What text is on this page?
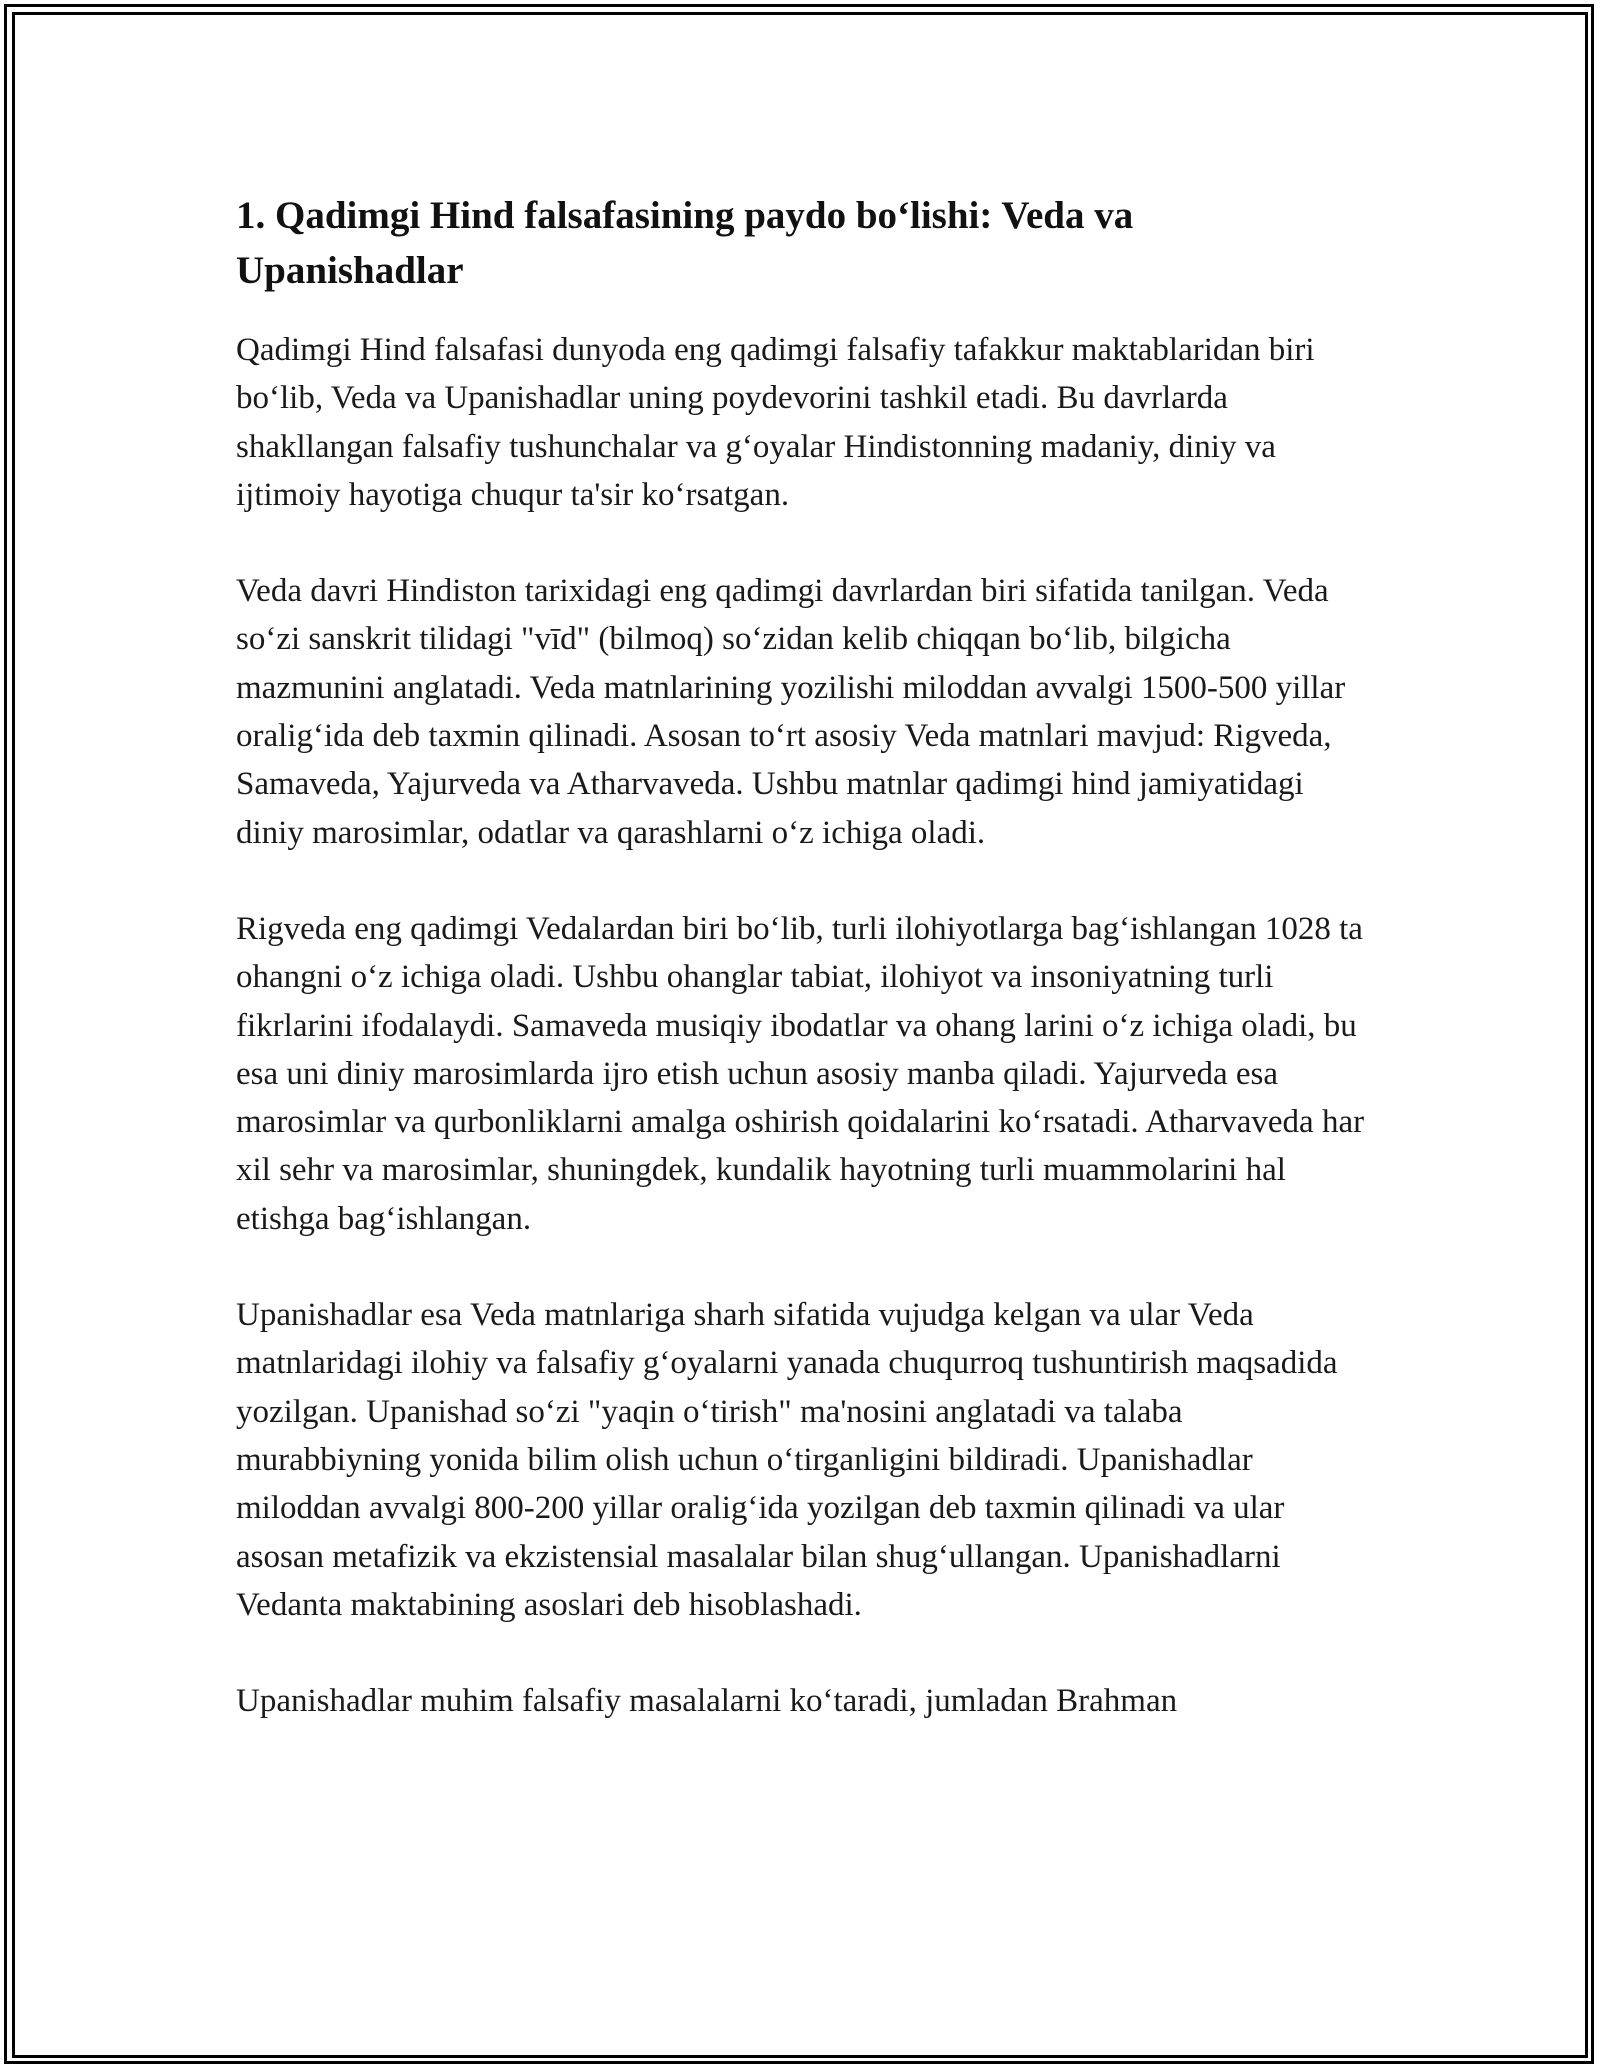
1. Qadimgi Hind falsafasining paydo bo‘lishi: Veda va Upanishadlar

Qadimgi Hind falsafasi dunyoda eng qadimgi falsafiy tafakkur maktablaridan biri bo‘lib, Veda va Upanishadlar uning poydevorini tashkil etadi. Bu davrlarda shakllangan falsafiy tushunchalar va g‘oyalar Hindistonning madaniy, diniy va ijtimoiy hayotiga chuqur ta'sir ko‘rsatgan.

Veda davri Hindiston tarixidagi eng qadimgi davrlardan biri sifatida tanilgan. Veda so‘zi sanskrit tilidagi "vīd" (bilmoq) so‘zidan kelib chiqqan bo‘lib, bilgicha mazmunini anglatadi. Veda matnlarining yozilishi miloddan avvalgi 1500-500 yillar oralig‘ida deb taxmin qilinadi. Asosan to‘rt asosiy Veda matnlari mavjud: Rigveda, Samaveda, Yajurveda va Atharvaveda. Ushbu matnlar qadimgi hind jamiyatidagi diniy marosimlar, odatlar va qarashlarni o‘z ichiga oladi.

Rigveda eng qadimgi Vedalardan biri bo‘lib, turli ilohiyotlarga bag‘ishlangan 1028 ta ohangni o‘z ichiga oladi. Ushbu ohanglar tabiat, ilohiyot va insoniyatning turli fikrlarini ifodalaydi. Samaveda musiqiy ibodatlar va ohang larini o‘z ichiga oladi, bu esa uni diniy marosimlarda ijro etish uchun asosiy manba qiladi. Yajurveda esa marosimlar va qurbonliklarni amalga oshirish qoidalarini ko‘rsatadi. Atharvaveda har xil sehr va marosimlar, shuningdek, kundalik hayotning turli muammolarini hal etishga bag‘ishlangan.

Upanishadlar esa Veda matnlariga sharh sifatida vujudga kelgan va ular Veda matnlaridagi ilohiy va falsafiy g‘oyalarni yanada chuqurroq tushuntirish maqsadida yozilgan. Upanishad so‘zi "yaqin o‘tirish" ma'nosini anglatadi va talaba murabbiyning yonida bilim olish uchun o‘tirganligini bildiradi. Upanishadlar miloddan avvalgi 800-200 yillar oralig‘ida yozilgan deb taxmin qilinadi va ular asosan metafizik va ekzistensial masalalar bilan shug‘ullangan. Upanishadlarni Vedanta maktabining asoslari deb hisoblashadi.

Upanishadlar muhim falsafiy masalalarni ko‘taradi, jumladan Brahman
